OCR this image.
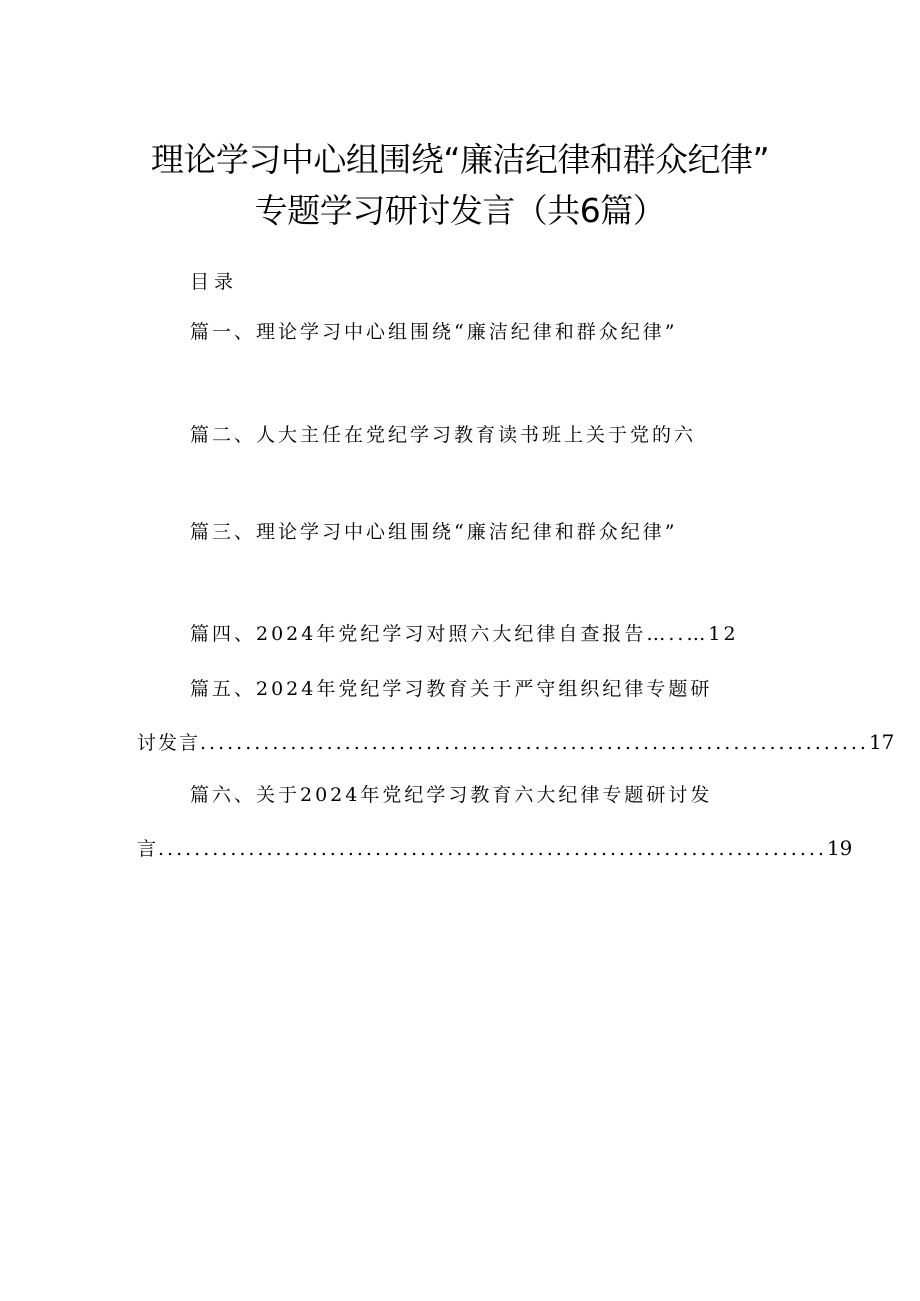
理论学习中心组围绕“廉洁纪律和群众纪律”
专题学习研讨发言（共6篇）
目录
篇一、理论学习中心组围绕“廉洁纪律和群众纪律”
篇二、人大主任在党纪学习教育读书班上关于党的六
篇三、理论学习中心组围绕“廉洁纪律和群众纪律”
篇四、2024年党纪学习对照六大纪律自查报告…..…12
篇五、2024年党纪学习教育关于严守组织纪律专题研
讨发言 .......................................................................... 17
篇六、关于2024年党纪学习教育六大纪律专题研讨发
言 .......................................................................... 19
